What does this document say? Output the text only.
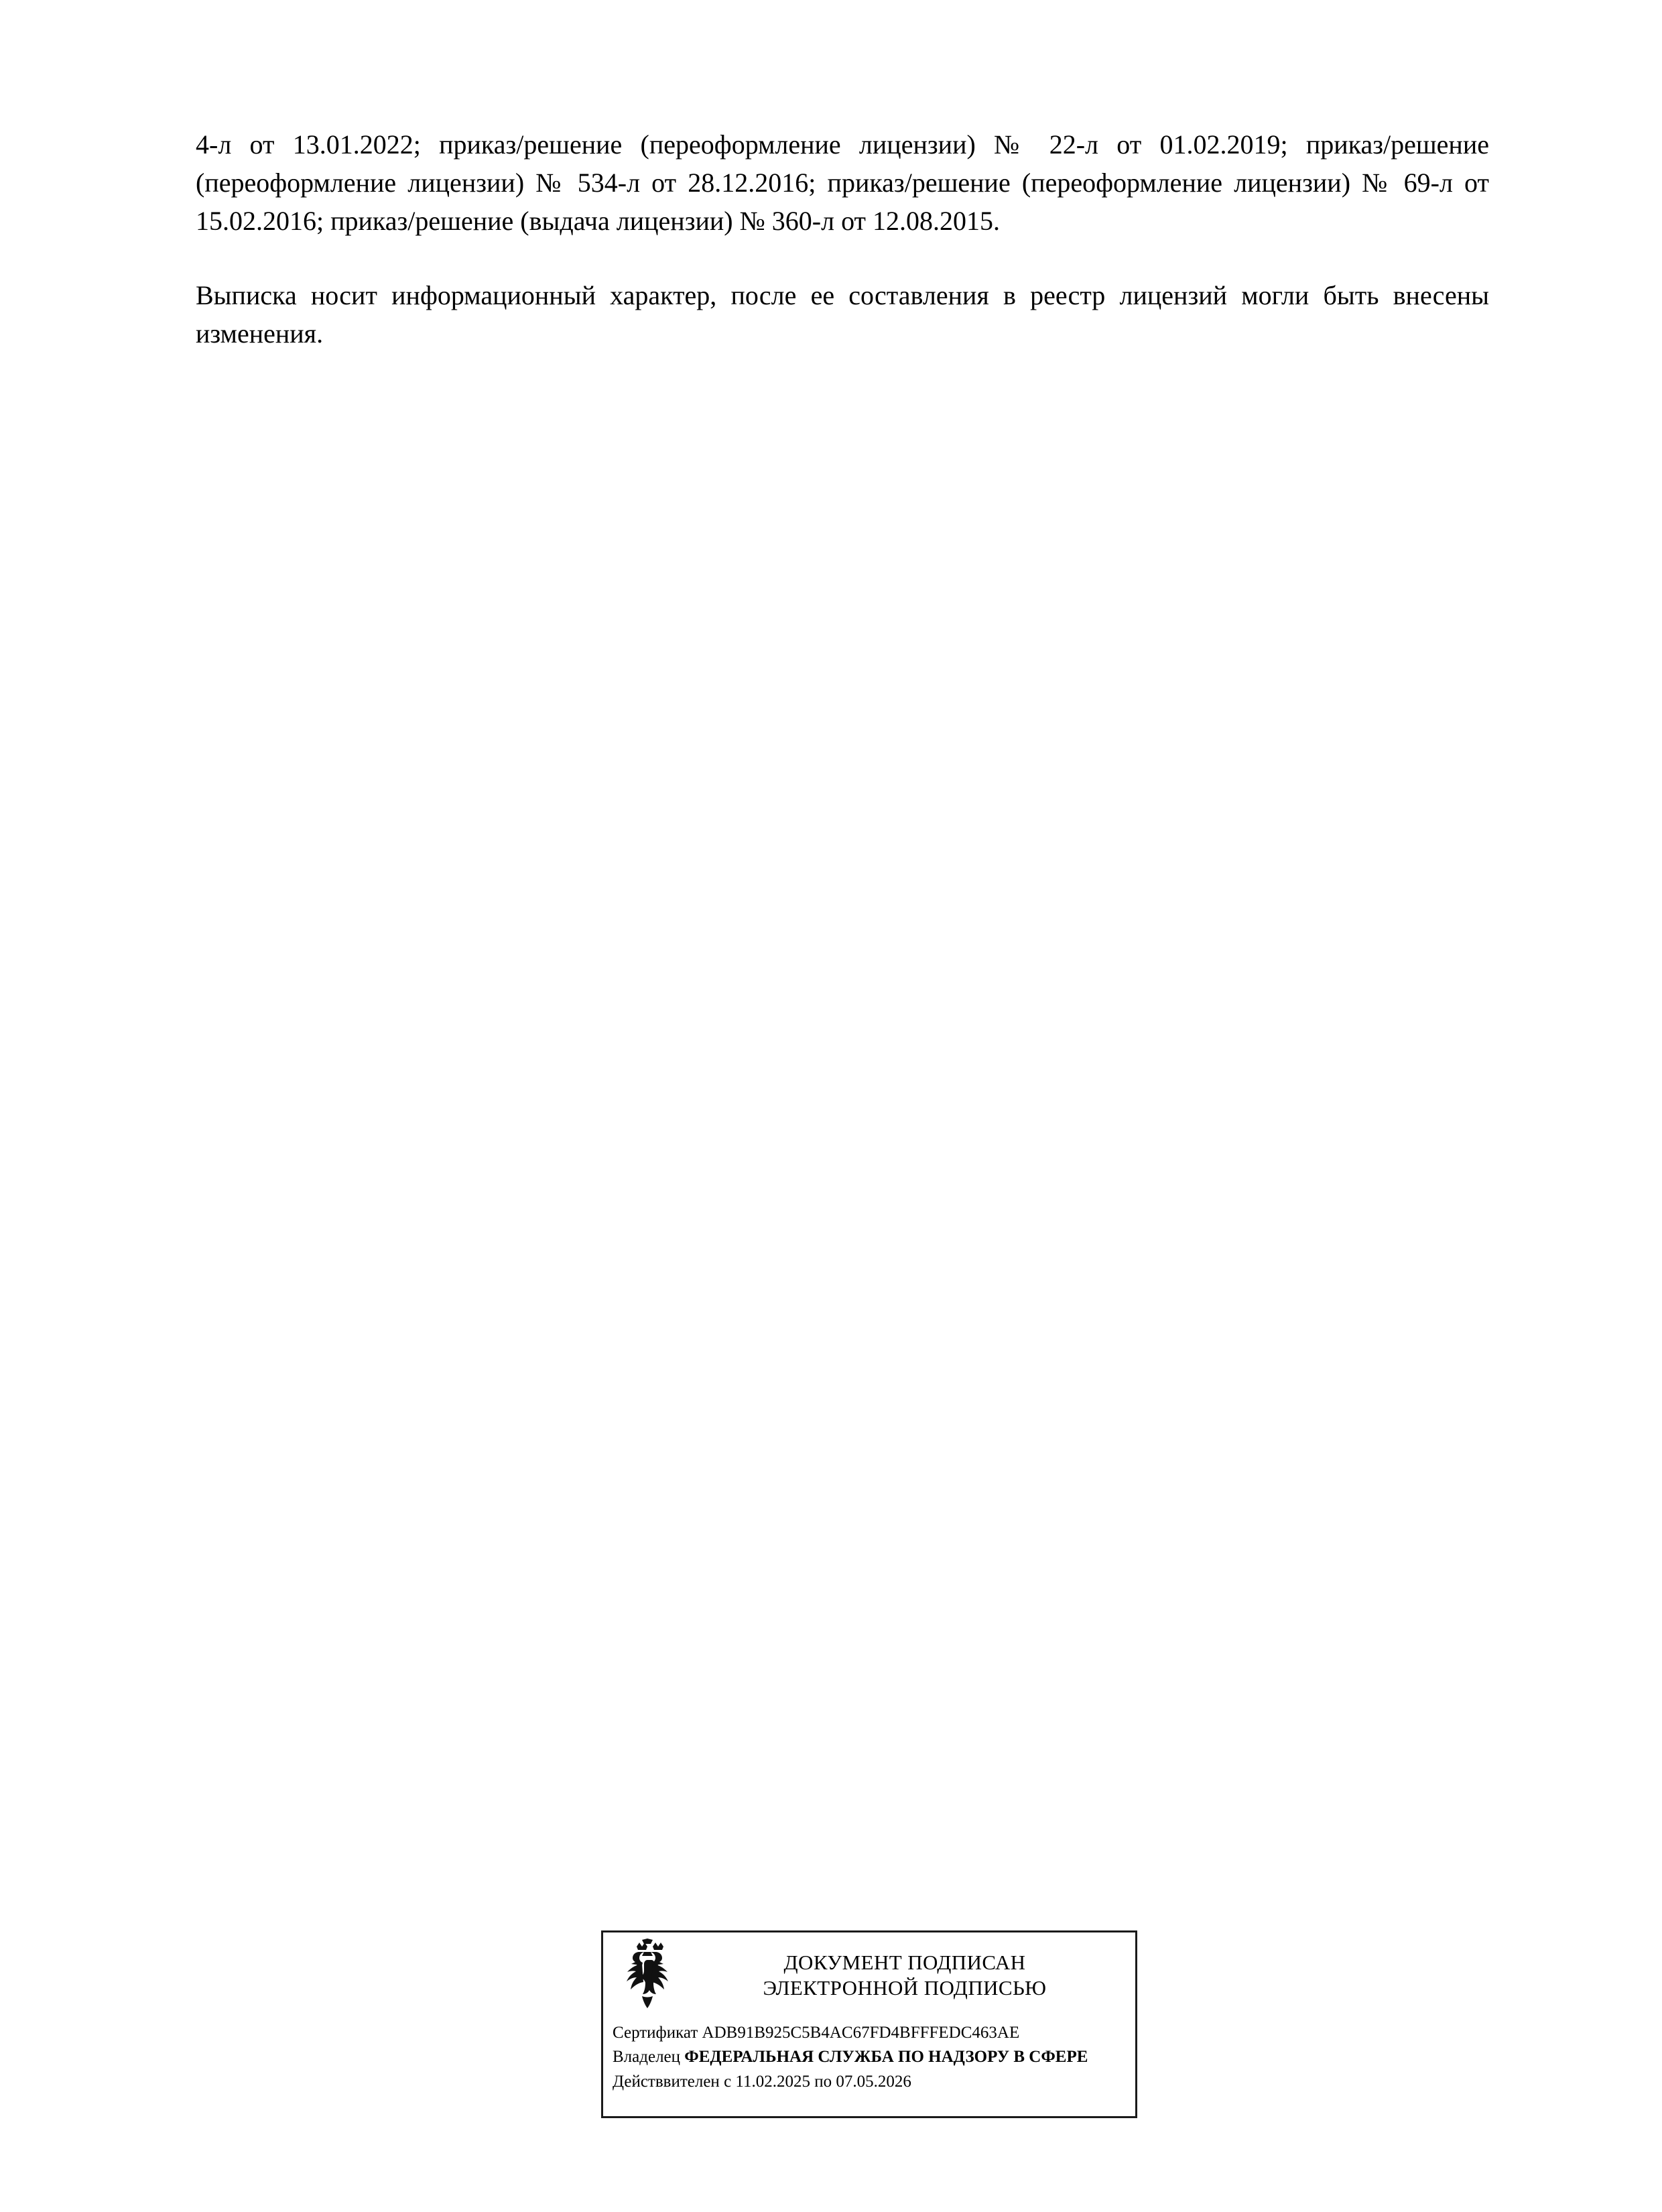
4-л от 13.01.2022; приказ/решение (переоформление лицензии) № 22-л от 01.02.2019; приказ/решение (переоформление лицензии) № 534-л от 28.12.2016; приказ/решение (переоформление лицензии) № 69-л от 15.02.2016; приказ/решение (выдача лицензии) № 360-л от 12.08.2015.

Выписка носит информационный характер, после ее составления в реестр лицензий могли быть внесены изменения.

ДОКУМЕНТ ПОДПИСАН
ЭЛЕКТРОННОЙ ПОДПИСЬЮ
Сертификат ADB91B925C5B4AC67FD4BFFFEDC463AE
Владелец ФЕДЕРАЛЬНАЯ СЛУЖБА ПО НАДЗОРУ В СФЕРЕ
Действвителен с 11.02.2025 по 07.05.2026
